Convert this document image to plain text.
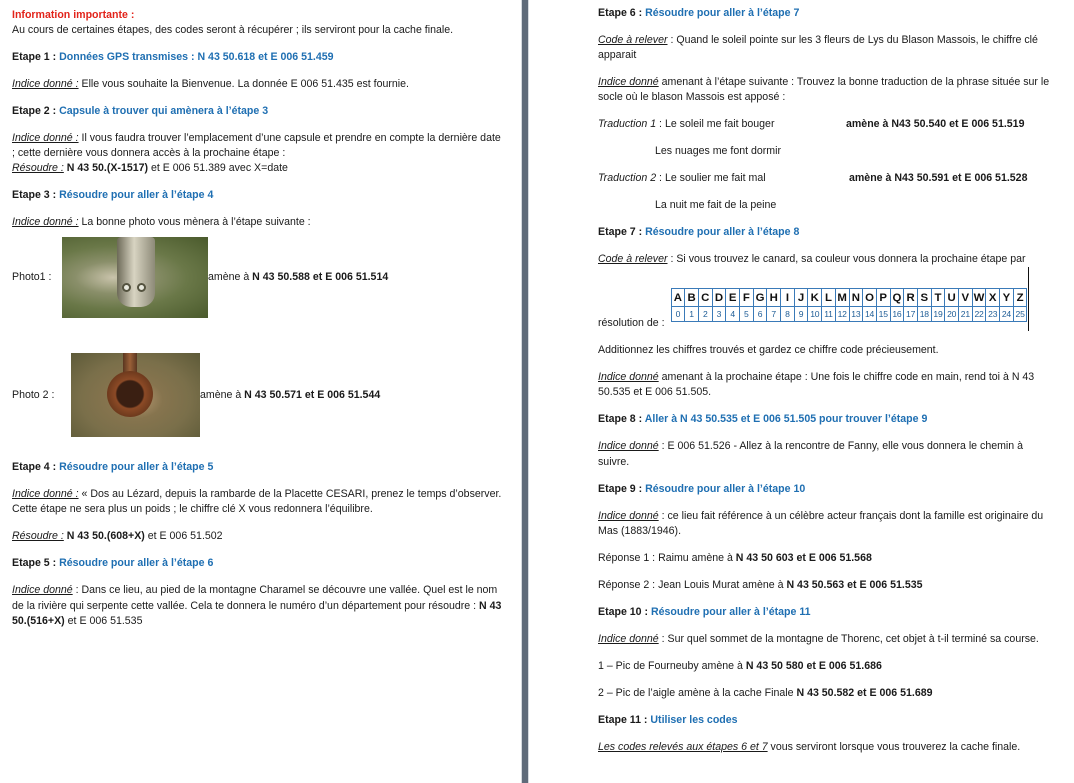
Information importante :

Au cours de certaines étapes, des codes seront à récupérer ; ils serviront pour la cache finale.

Etape 1 : Données GPS transmises : N 43 50.618 et E 006 51.459

Indice donné : Elle vous souhaite la Bienvenue. La donnée E 006 51.435 est fournie.

Etape 2 : Capsule à trouver qui amènera à l’étape 3

Indice donné : Il vous faudra trouver l’emplacement d’une capsule et prendre en compte la dernière date ; cette dernière vous donnera accès à la prochaine étape :

Résoudre : N 43 50.(X-1517) et E 006 51.389 avec X=date

Etape 3 : Résoudre pour aller à l’étape 4

Indice donné : La bonne photo vous mènera à l’étape suivante :

Photo1 :	amène à N 43 50.588 et E 006 51.514
Photo 2 :	amène à N 43 50.571 et E 006 51.544

Etape 4 : Résoudre pour aller à l’étape 5

Indice donné : « Dos au Lézard, depuis la rambarde de la Placette CESARI, prenez le temps d’observer. Cette étape ne sera plus un poids ; le chiffre clé X vous redonnera l’équilibre.

Résoudre : N 43 50.(608+X) et E 006 51.502

Etape 5 : Résoudre pour aller à l’étape 6

Indice donné : Dans ce lieu, au pied de la montagne Charamel se découvre une vallée. Quel est le nom de la rivière qui serpente cette vallée. Cela te donnera le numéro d’un département pour résoudre : N 43 50.(516+X) et E 006 51.535

Etape 6 : Résoudre pour aller à l’étape 7

Code à relever : Quand le soleil pointe sur les 3 fleurs de Lys du Blason Massois, le chiffre clé apparait

Indice donné amenant à l’étape suivante : Trouvez la bonne traduction de la phrase située sur le socle où le blason Massois est apposé :

Traduction 1 : Le soleil me fait bouger	amène à N43 50.540 et E 006 51.519

Les nuages me font dormir

Traduction 2 : Le soulier me fait mal	amène à N43 50.591 et E 006 51.528

La nuit me fait de la peine

Etape 7 : Résoudre pour aller à l’étape 8

Code à relever : Si vous trouvez le canard, sa couleur vous donnera la prochaine étape par

résolution de :
A	B	C	D	E	F	G	H	I	J	K	L	M	N	O	P	Q	R	S	T	U	V	W	X	Y	Z
0	1	2	3	4	5	6	7	8	9	10	11	12	13	14	15	16	17	18	19	20	21	22	23	24	25

Additionnez les chiffres trouvés et gardez ce chiffre code précieusement.

Indice donné amenant à la prochaine étape : Une fois le chiffre code en main, rend toi à N 43 50.535 et E 006 51.505.

Etape 8 : Aller à N 43 50.535 et E 006 51.505 pour trouver l’étape 9

Indice donné : E 006 51.526 - Allez à la rencontre de Fanny, elle vous donnera le chemin à suivre.

Etape 9 : Résoudre pour aller à l’étape 10

Indice donné : ce lieu fait référence à un célèbre acteur français dont la famille est originaire du Mas (1883/1946).

Réponse 1 : Raimu amène à N 43 50 603 et E 006 51.568

Réponse 2 : Jean Louis Murat amène à N 43 50.563 et E 006 51.535

Etape 10 : Résoudre pour aller à l’étape 11

Indice donné : Sur quel sommet de la montagne de Thorenc, cet objet à t-il terminé sa course.

1 – Pic de Fourneuby amène à N 43 50 580 et E 006 51.686

2 – Pic de l’aigle amène à la cache Finale N 43 50.582 et E 006 51.689

Etape 11 : Utiliser les codes

Les codes relevés aux étapes 6 et 7 vous serviront lorsque vous trouverez la cache finale.
